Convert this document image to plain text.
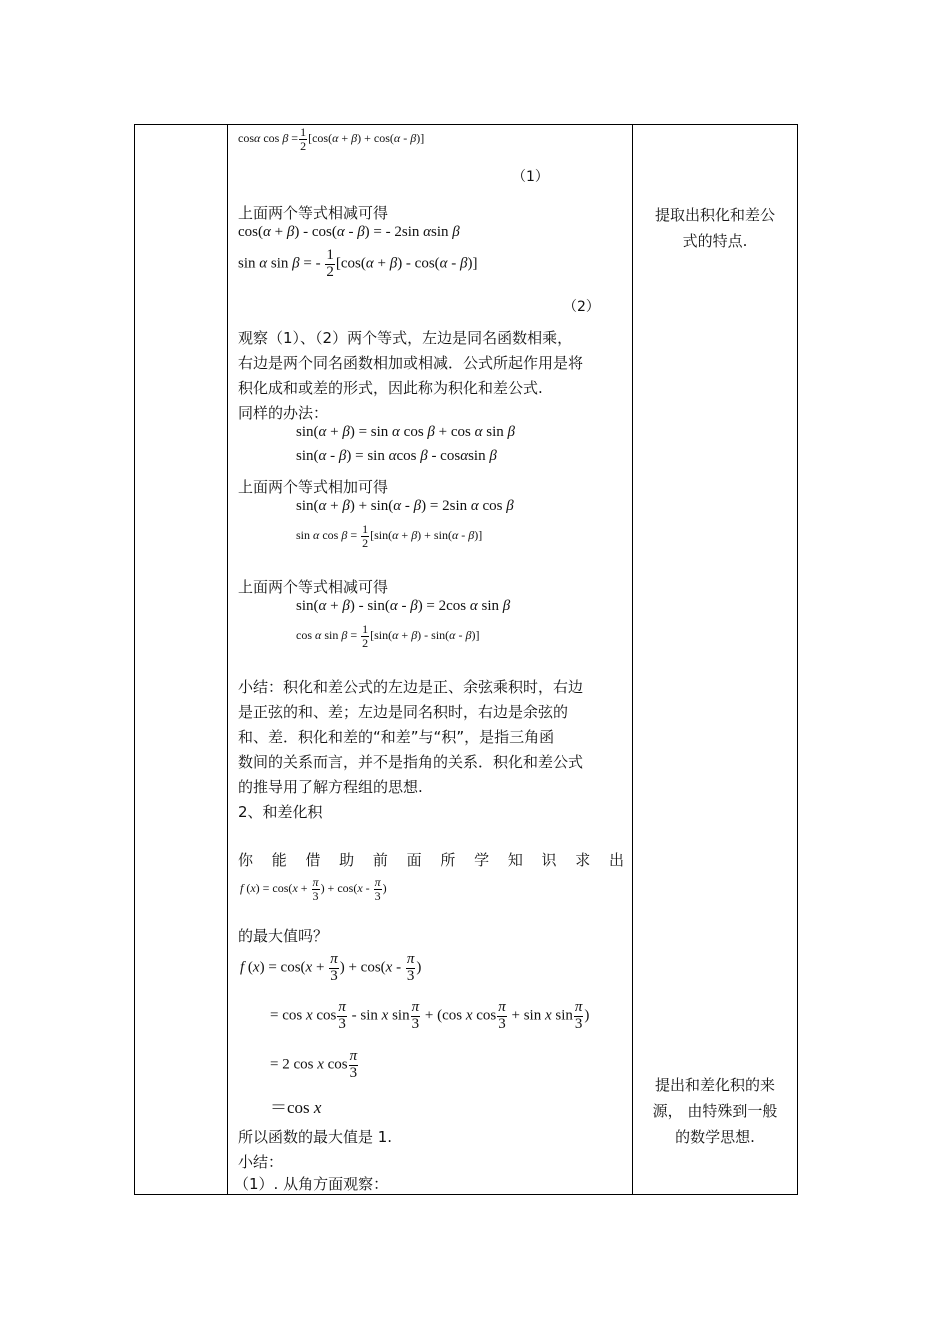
cosα $\cos \beta = \frac{1}{2} [\cos(\alpha + \beta) + \cos(\alpha - \beta)]$
（1）
上面两个等式相减可得
cos(α + β) - cos(α - β) = - 2sin αsin β
sin α sin β = - $\frac{1}{2} [\cos(\alpha + \beta) - \cos(\alpha - \beta)]$
（2）
观察（1）、（2）两个等式，左边是同名函数相乘，
右边是两个同名函数相加或相减．公式所起作用是将
积化成和或差的形式，因此称为积化和差公式.
同样的办法：
sin(α + β) = sin α cos β + cos α sin β
sin(α - β) = sin αcos β - cosαsin β
上面两个等式相加可得
sin(α + β) + sin(α - β) = 2sin α cos β
sin α $\cos \beta = \frac{1}{2} [\sin(\alpha + \beta) + \sin(\alpha - \beta)]$
上面两个等式相减可得
sin(α + β) - sin(α - β) = 2cos α sin β
cos α $\sin \beta = \frac{1}{2} [\sin(\alpha + \beta) - \sin(\alpha - \beta)]$
小结：积化和差公式的左边是正、余弦乘积时，右边
是正弦的和、差；左边是同名积时，右边是余弦的
和、差．积化和差的“和差”与“积”，是指三角函
数间的关系而言，并不是指角的关系．积化和差公式
的推导用了解方程组的思想.
2、和差化积
你 能 借 助 前 面 所 学 知 识 求 出
f $(x) = \cos(x + \frac{\pi}{3}$ ) + $\cos(x - \frac{\pi}{3}$ )
的最大值吗？
f $(x) = \cos(x + \frac{\pi}{3}$ ) + $\cos(x - \frac{\pi}{3}$ )
= cos x $\cos \frac{\pi}{3}$ - sin x $\sin \frac{\pi}{3} + (\cos$ x $\cos \frac{\pi}{3} + \sin x$ $\sin \frac{\pi}{3}$ )
= 2 cos x $\cos \frac{\pi}{3}$
＝cos x
所以函数的最大值是 1.
小结：
（1）. 从角方面观察：
提取出积化和差公
式的特点.
提出和差化积的来
源， 由特殊到一般
的数学思想.
